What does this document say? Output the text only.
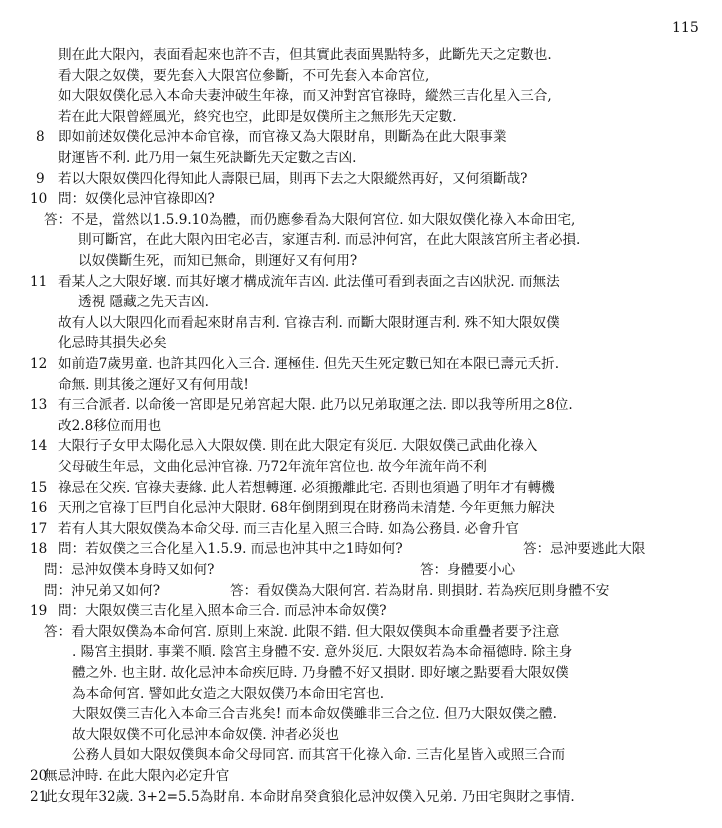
115
則在此大限內，表面看起來也許不吉，但其實此表面異點特多，此斷先天之定數也.
看大限之奴僕，要先套入大限宮位參斷，不可先套入本命宮位,
如大限奴僕化忌入本命夫妻沖破生年祿，而又沖對宮官祿時，縱然三吉化星入三合,
若在此大限曾經風光，終究也空，此即是奴僕所主之無形先天定數.
即如前述奴僕化忌沖本命官祿，而官祿又為大限財帛，則斷為在此大限事業
財運皆不利. 此乃用一氣生死訣斷先天定數之吉凶.
若以大限奴僕四化得知此人壽限已屆，則再下去之大限縱然再好，又何須斷哉?
問：奴僕化忌沖官祿即凶?
答：不是，當然以1.5.9.10為體，而仍應參看為大限何宮位. 如大限奴僕化祿入本命田宅,
則可斷宮，在此大限內田宅必吉，家運吉利. 而忌沖何宮，在此大限該宮所主者必損.
以奴僕斷生死，而知已無命，則運好又有何用?
看某人之大限好壞. 而其好壞才構成流年吉凶. 此法僅可看到表面之吉凶狀況. 而無法
透視 隱藏之先天吉凶.
故有人以大限四化而看起來財帛吉利. 官祿吉利. 而斷大限財運吉利. 殊不知大限奴僕
化忌時其損失必矣
如前造7歲男童. 也許其四化入三合. 運極佳. 但先天生死定數已知在本限已壽元夭折.
命無. 則其後之運好又有何用哉!
有三合派者. 以命後一宮即是兄弟宮起大限. 此乃以兄弟取運之法. 即以我等所用之8位.
改2.8移位而用也
大限行子女甲太陽化忌入大限奴僕. 則在此大限定有災厄. 大限奴僕己武曲化祿入
父母破生年忌，文曲化忌沖官祿. 乃72年流年宮位也. 故今年流年尚不利
祿忌在父疾. 官祿夫妻緣. 此人若想轉運. 必須搬離此宅. 否則也須過了明年才有轉機
天刑之官祿丁巨門自化忌沖大限財. 68年倒閉到現在財務尚未清楚. 今年更無力解決
若有人其大限奴僕為本命父母. 而三吉化星入照三合時. 如為公務員. 必會升官
問：若奴僕之三合化星入1.5.9. 而忌也沖其中之1時如何?	答：忌沖要逃此大限
問：忌沖奴僕本身時又如何?	答：身體要小心
問：沖兄弟又如何?	答：看奴僕為大限何宮. 若為財帛. 則損財. 若為疾厄則身體不安
問：大限奴僕三吉化星入照本命三合. 而忌沖本命奴僕?
答：看大限奴僕為本命何宮. 原則上來說. 此限不錯. 但大限奴僕與本命重疊者要予注意
. 陽宮主損財. 事業不順. 陰宮主身體不安. 意外災厄. 大限奴若為本命福德時. 除主身
體之外. 也主財. 故化忌沖本命疾厄時. 乃身體不好又損財. 即好壞之點要看大限奴僕
為本命何宮. 譬如此女造之大限奴僕乃本命田宅宮也.
大限奴僕三吉化入本命三合吉兆矣! 而本命奴僕雖非三合之位. 但乃大限奴僕之體.
故大限奴僕不可化忌沖本命奴僕. 沖者必災也
公務人員如大限奴僕與本命父母同宮. 而其宮干化祿入命. 三吉化星皆入或照三合而
無忌沖時. 在此大限內必定升官
此女現年32歲. 3+2=5.5為財帛. 本命財帛癸貪狼化忌沖奴僕入兄弟. 乃田宅與財之事情.
8
9
10
11
12
13
14
15
16
17
18
19
20
21
